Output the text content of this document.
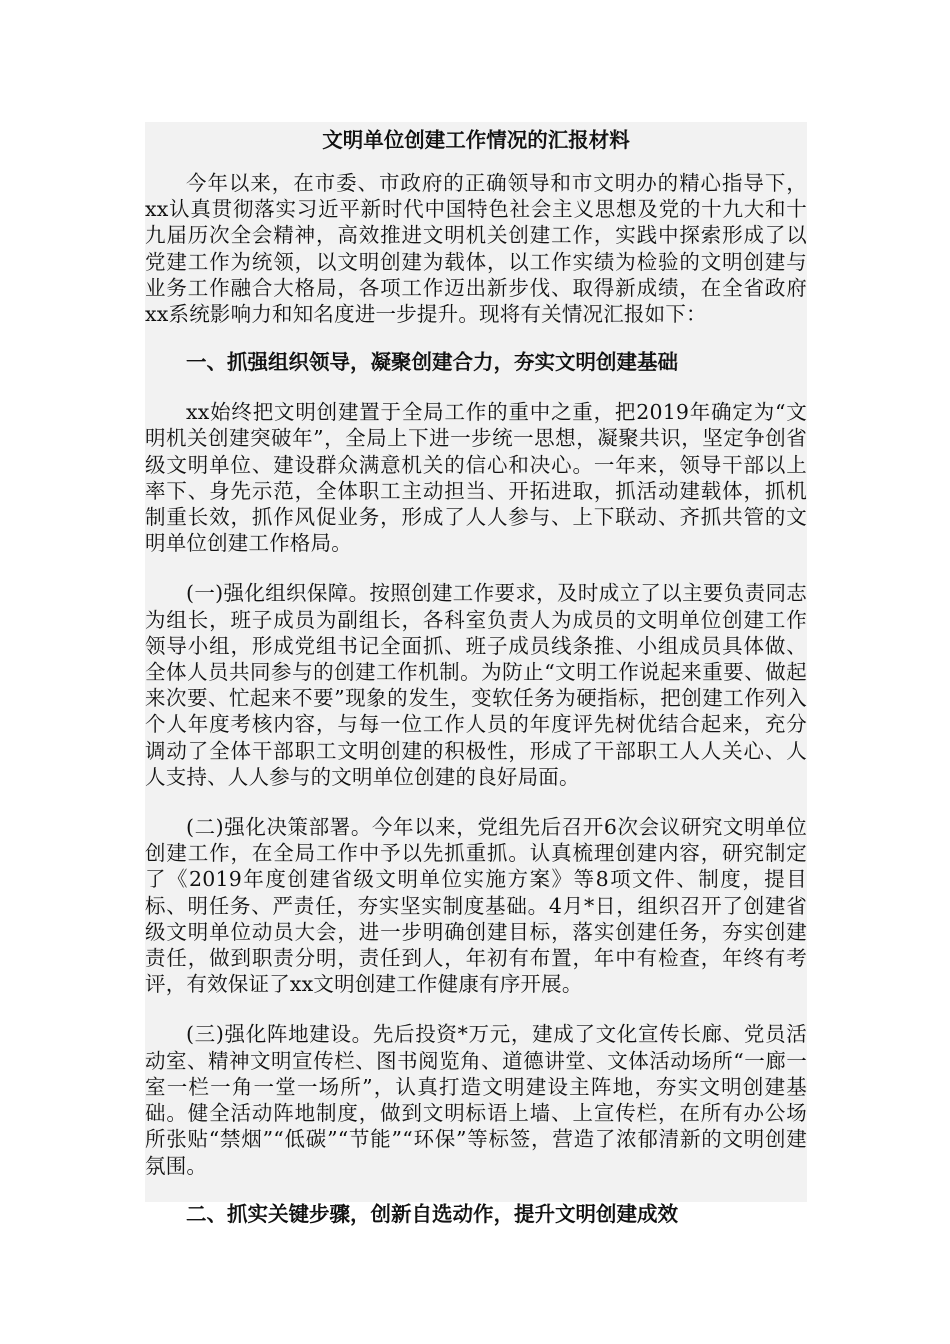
文明单位创建工作情况的汇报材料

今年以来，在市委、市政府的正确领导和市文明办的精心指导下，xx认真贯彻落实习近平新时代中国特色社会主义思想及党的十九大和十九届历次全会精神，高效推进文明机关创建工作，实践中探索形成了以党建工作为统领，以文明创建为载体，以工作实绩为检验的文明创建与业务工作融合大格局，各项工作迈出新步伐、取得新成绩，在全省政府xx系统影响力和知名度进一步提升。现将有关情况汇报如下：

一、抓强组织领导，凝聚创建合力，夯实文明创建基础

xx始终把文明创建置于全局工作的重中之重，把2019年确定为“文明机关创建突破年”，全局上下进一步统一思想，凝聚共识，坚定争创省级文明单位、建设群众满意机关的信心和决心。一年来，领导干部以上率下、身先示范，全体职工主动担当、开拓进取，抓活动建载体，抓机制重长效，抓作风促业务，形成了人人参与、上下联动、齐抓共管的文明单位创建工作格局。

(一)强化组织保障。按照创建工作要求，及时成立了以主要负责同志为组长，班子成员为副组长，各科室负责人为成员的文明单位创建工作领导小组，形成党组书记全面抓、班子成员线条推、小组成员具体做、全体人员共同参与的创建工作机制。为防止“文明工作说起来重要、做起来次要、忙起来不要”现象的发生，变软任务为硬指标，把创建工作列入个人年度考核内容，与每一位工作人员的年度评先树优结合起来，充分调动了全体干部职工文明创建的积极性，形成了干部职工人人关心、人人支持、人人参与的文明单位创建的良好局面。

(二)强化决策部署。今年以来，党组先后召开6次会议研究文明单位创建工作，在全局工作中予以先抓重抓。认真梳理创建内容，研究制定了《2019年度创建省级文明单位实施方案》等8项文件、制度，提目标、明任务、严责任，夯实坚实制度基础。4月*日，组织召开了创建省级文明单位动员大会，进一步明确创建目标，落实创建任务，夯实创建责任，做到职责分明，责任到人，年初有布置，年中有检查，年终有考评，有效保证了xx文明创建工作健康有序开展。

(三)强化阵地建设。先后投资*万元，建成了文化宣传长廊、党员活动室、精神文明宣传栏、图书阅览角、道德讲堂、文体活动场所“一廊一室一栏一角一堂一场所”，认真打造文明建设主阵地，夯实文明创建基础。健全活动阵地制度，做到文明标语上墙、上宣传栏，在所有办公场所张贴“禁烟”“低碳”“节能”“环保”等标签，营造了浓郁清新的文明创建氛围。

二、抓实关键步骤，创新自选动作，提升文明创建成效
